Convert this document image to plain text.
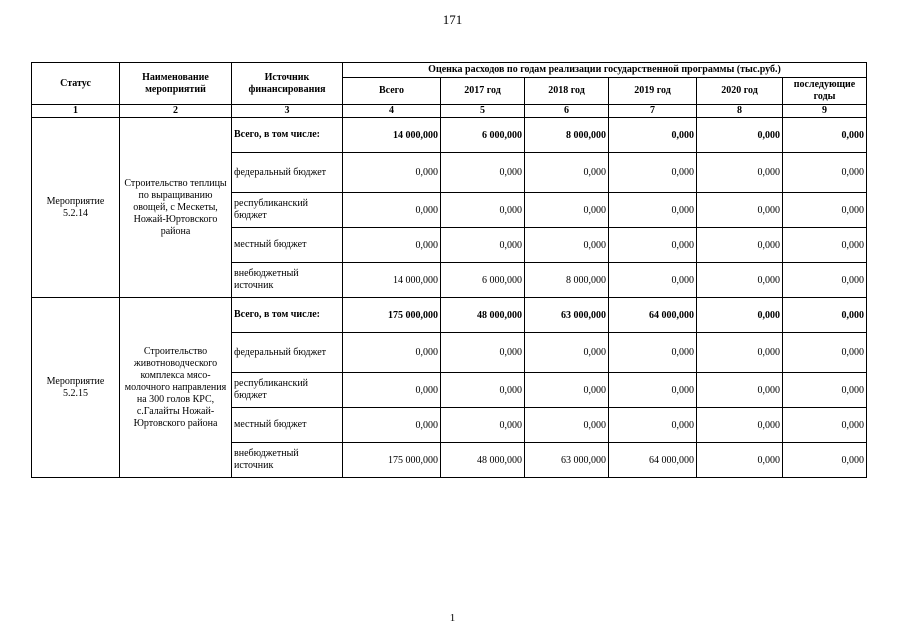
171
Статус	Наименование мероприятий	Источник финансирования	Оценка расходов по годам реализации государственной программы (тыс.руб.)					
			Всего	2017 год	2018 год	2019 год	2020 год	последующие годы
1	2	3	4	5	6	7	8	9
Мероприятие 5.2.14	Строительство теплицы по выращиванию овощей, с Мескеты, Ножай-Юртовского района	Всего, в том числе:	14 000,000	6 000,000	8 000,000	0,000	0,000	0,000
		федеральный бюджет	0,000	0,000	0,000	0,000	0,000	0,000
		республиканский бюджет	0,000	0,000	0,000	0,000	0,000	0,000
		местный бюджет	0,000	0,000	0,000	0,000	0,000	0,000
		внебюджетный источник	14 000,000	6 000,000	8 000,000	0,000	0,000	0,000
Мероприятие 5.2.15	Строительство животноводческого комплекса мясо-молочного направления на 300 голов КРС, с.Галайты Ножай-Юртовского района	Всего, в том числе:	175 000,000	48 000,000	63 000,000	64 000,000	0,000	0,000
		федеральный бюджет	0,000	0,000	0,000	0,000	0,000	0,000
		республиканский бюджет	0,000	0,000	0,000	0,000	0,000	0,000
		местный бюджет	0,000	0,000	0,000	0,000	0,000	0,000
		внебюджетный источник	175 000,000	48 000,000	63 000,000	64 000,000	0,000	0,000
1
